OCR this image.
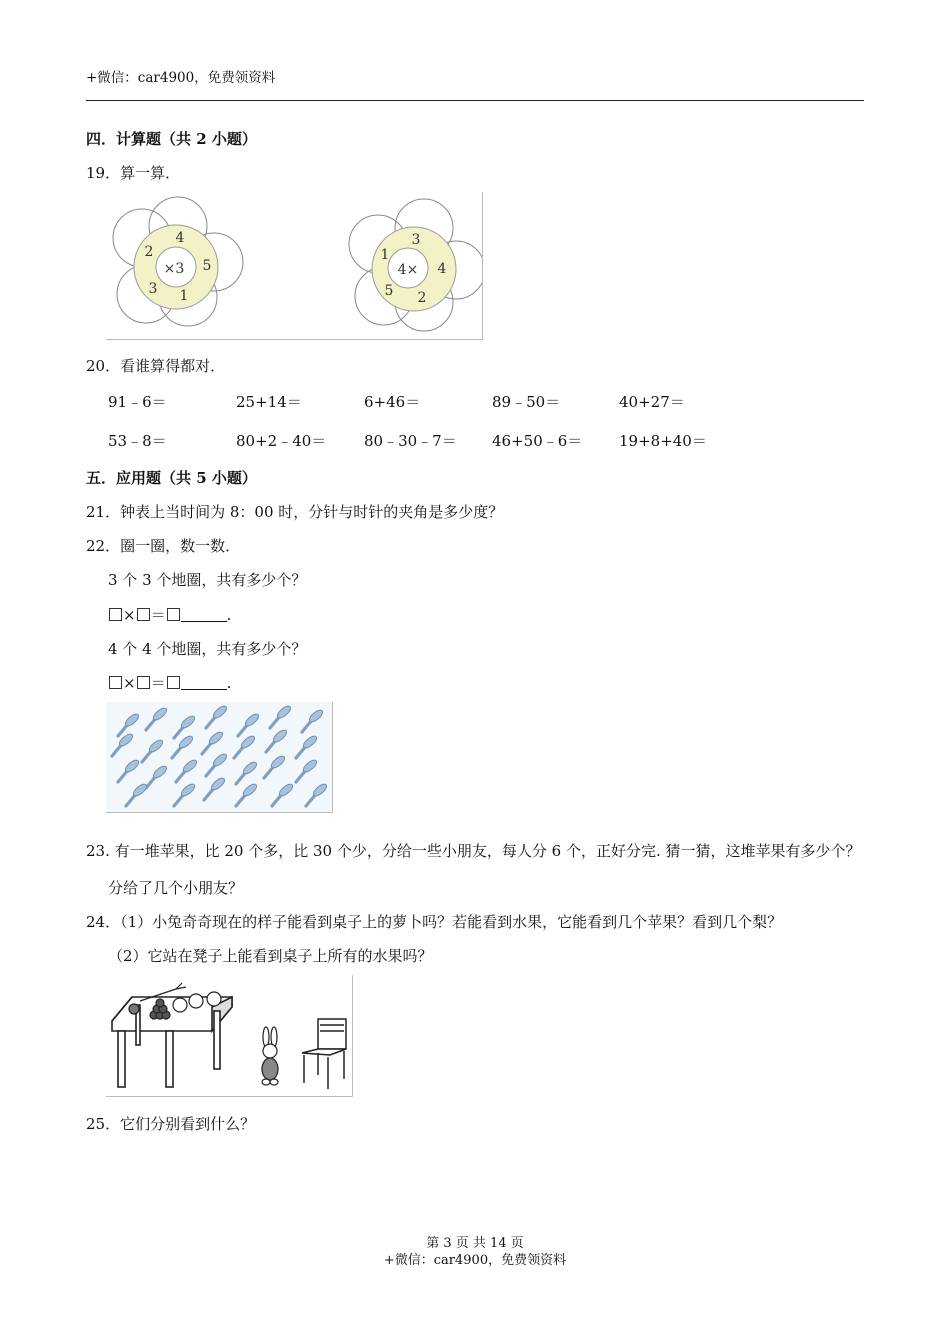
+微信：car4900，免费领资料
四．计算题（共 2 小题）
19．算一算．
×3
4
5
1
3
2
4×
3
4
2
5
1
20．看谁算得都对．
91﹣6＝	25+14＝	6+46＝	89﹣50＝	40+27＝
53﹣8＝	80+2﹣40＝	80﹣30﹣7＝ 46+50﹣6＝ 19+8+40＝
五．应用题（共 5 小题）
21．钟表上当时间为 8：00 时，分针与时针的夹角是多少度？
22．圈一圈，数一数．
3 个 3 个地圈，共有多少个？
× ＝	.
4 个 4 个地圈，共有多少个？
× ＝	.
23. 有一堆苹果，比 20 个多，比 30 个少，分给一些小朋友，每人分 6 个，正好分完. 猜一猜，这堆苹果有多少个？
分给了几个小朋友？
24．（1）小兔奇奇现在的样子能看到桌子上的萝卜吗？若能看到水果，它能看到几个苹果？看到几个梨？
（2）它站在凳子上能看到桌子上所有的水果吗？
25．它们分别看到什么？
第 3 页 共 14 页
+微信：car4900，免费领资料
